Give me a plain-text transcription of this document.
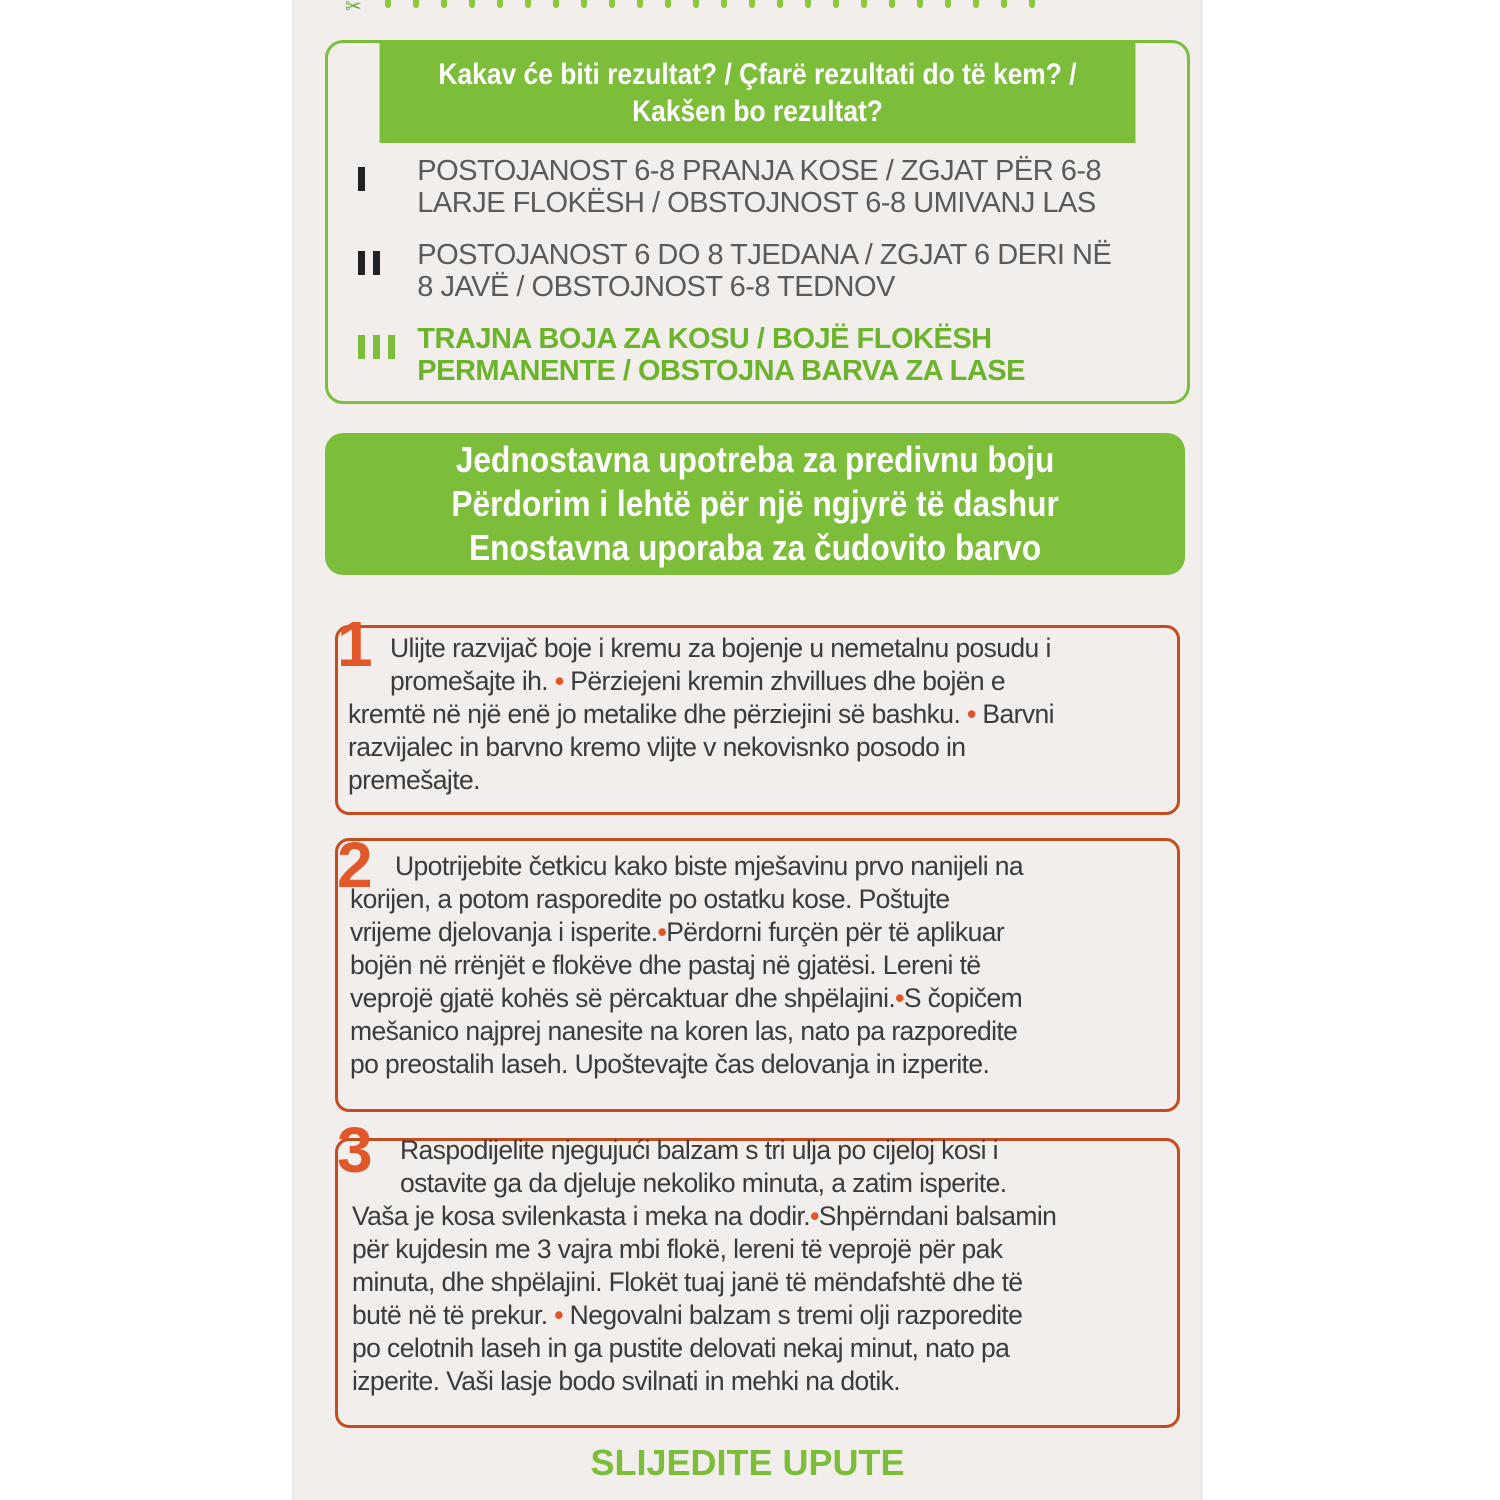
✂
Kakav će biti rezultat? / Çfarë rezultati do të kem? /
Kakšen bo rezultat?
POSTOJANOST 6-8 PRANJA KOSE / ZGJAT PËR 6-8
LARJE FLOKËSH / OBSTOJNOST 6-8 UMIVANJ LAS
POSTOJANOST 6 DO 8 TJEDANA / ZGJAT 6 DERI NË
8 JAVË / OBSTOJNOST 6-8 TEDNOV
TRAJNA BOJA ZA KOSU / BOJË FLOKËSH
PERMANENTE / OBSTOJNA BARVA ZA LASE
Jednostavna upotreba za predivnu boju
Përdorim i lehtë për një ngjyrë të dashur
Enostavna uporaba za čudovito barvo
1 Ulijte razvijač boje i kremu za bojenje u nemetalnu posudu i
promešajte ih. • Përziejeni kremin zhvillues dhe bojën e
kremtë në një enë jo metalike dhe përziejini së bashku. • Barvni
razvijalec in barvno kremo vlijte v nekovisnko posodo in
premešajte.
2 Upotrijebite četkicu kako biste mješavinu prvo nanijeli na
korijen, a potom rasporedite po ostatku kose. Poštujte
vrijeme djelovanja i isperite.•Përdorni furçën për të aplikuar
bojën në rrënjët e flokëve dhe pastaj në gjatësi. Lereni të
veprojë gjatë kohës së përcaktuar dhe shpëlajini.•S čopičem
mešanico najprej nanesite na koren las, nato pa razporedite
po preostalih laseh. Upoštevajte čas delovanja in izperite.
3 Raspodijelite njegujući balzam s tri ulja po cijeloj kosi i
ostavite ga da djeluje nekoliko minuta, a zatim isperite.
Vaša je kosa svilenkasta i meka na dodir.•Shpërndani balsamin
për kujdesin me 3 vajra mbi flokë, lereni të veprojë për pak
minuta, dhe shpëlajini. Flokët tuaj janë të mëndafshtë dhe të
butë në të prekur. • Negovalni balzam s tremi olji razporedite
po celotnih laseh in ga pustite delovati nekaj minut, nato pa
izperite. Vaši lasje bodo svilnati in mehki na dotik.
SLIJEDITE UPUTE
